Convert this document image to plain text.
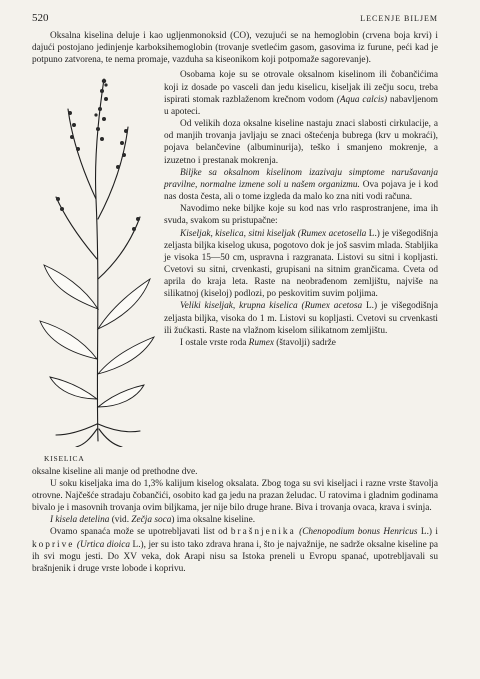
520	LECENJE BILJEM

Oksalna kiselina deluje i kao ugljenmonoksid (CO), vezujući se na hemoglobin (crvena boja krvi) i dajući postojano jedinjenje karboksihemoglobin (trovanje svetlećim gasom, gasovima iz furune, peći kad je potpuno zatvorena, te nema promaje, vazduha sa kiseonikom koji potpomaže sagorevanje).

KISELICA

Osobama koje su se otrovale oksalnom kiselinom ili čobančićima koji iz dosade po vasceli dan jedu kiselicu, kiseljak ili zečju socu, treba ispirati stomak razblaženom krečnom vodom (Aqua calcis) nabavljenom u apoteci.

Od velikih doza oksalne kiseline nastaju znaci slabosti cirkulacije, a od manjih trovanja javljaju se znaci oštećenja bubrega (krv u mokraći), pojava belančevine (albuminurija), teško i smanjeno mokrenje, a izuzetno i prestanak mokrenja.

Biljke sa oksalnom kiselinom izazivaju simptome narušavanja pravilne, normalne izmene soli u našem organizmu. Ova pojava je i kod nas dosta česta, ali o tome izgleda da malo ko zna niti vodi računa.

Navodimo neke biljke koje su kod nas vrlo rasprostranjene, ima ih svuda, svakom su pristupačne:

Kiseljak, kiselica, sitni kiseljak (Rumex acetosella L.) je višegodišnja zeljasta biljka kiselog ukusa, pogotovo dok je još sasvim mlada. Stabljika je visoka 15—50 cm, uspravna i razgranata. Listovi su sitni i kopljasti. Cvetovi su sitni, crvenkasti, grupisani na sitnim grančicama. Cveta od aprila do kraja leta. Raste na neobrađenom zemljištu, najviše na silikatnoj (kiseloj) podlozi, po peskovitim suvim poljima.

Veliki kiseljak, krupna kiselica (Rumex acetosa L.) je višegodišnja zeljasta biljka, visoka do 1 m. Listovi su kopljasti. Cvetovi su crvenkasti ili žućkasti. Raste na vlažnom kiselom silikatnom zemljištu.

I ostale vrste roda Rumex (štavolji) sadrže

oksalne kiseline ali manje od prethodne dve.

U soku kiseljaka ima do 1,3% kalijum kiselog oksalata. Zbog toga su svi kiseljaci i razne vrste štavolja otrovne. Najčešće stradaju čobančići, osobito kad ga jedu na prazan želudac. U ratovima i gladnim godinama bivalo je i masovnih trovanja ovim biljkama, jer nije bilo druge hrane. Biva i trovanja ovaca, krava i svinja.

I kisela detelina (vid. Zečja soca) ima oksalne kiseline.

Ovamo spanaća može se upotrebljavati list od brašnjenika (Chenopodium bonus Henricus L.) i koprive (Urtica dioica L.), jer su isto tako zdrava hrana i, što je najvažnije, ne sadrže oksalne kiseline pa ih svi mogu jesti. Do XV veka, dok Arapi nisu sa Istoka preneli u Evropu spanać, upotrebljavali su brašnjenik i druge vrste lobode i koprivu.
